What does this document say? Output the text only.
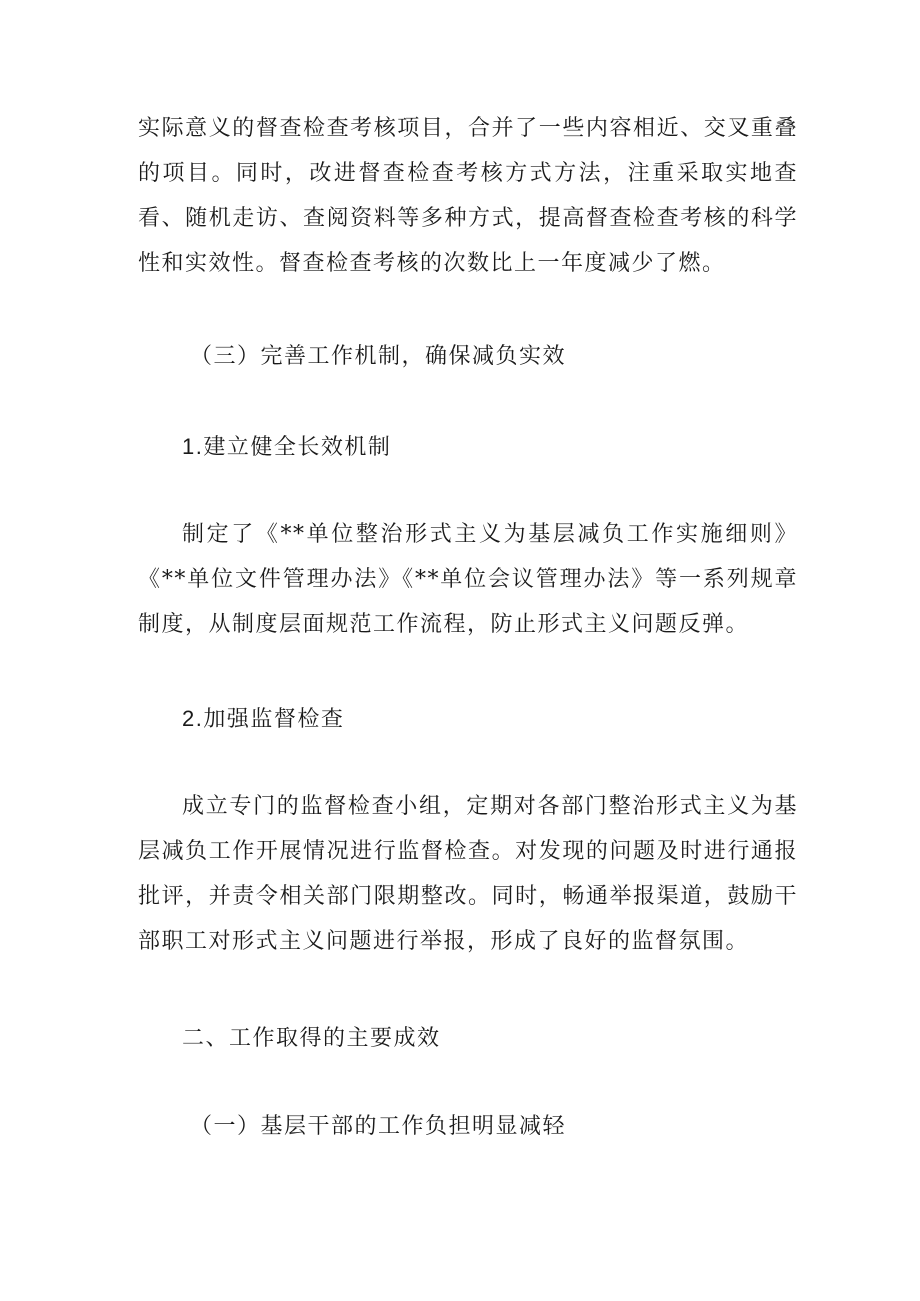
实际意义的督查检查考核项目，合并了一些内容相近、交叉重叠的项目。同时，改进督查检查考核方式方法，注重采取实地查看、随机走访、查阅资料等多种方式，提高督查检查考核的科学性和实效性。督查检查考核的次数比上一年度减少了燃。

（三）完善工作机制，确保减负实效

1.建立健全长效机制

制定了《**单位整治形式主义为基层减负工作实施细则》《**单位文件管理办法》《**单位会议管理办法》等一系列规章制度，从制度层面规范工作流程，防止形式主义问题反弹。

2.加强监督检查

成立专门的监督检查小组，定期对各部门整治形式主义为基层减负工作开展情况进行监督检查。对发现的问题及时进行通报批评，并责令相关部门限期整改。同时，畅通举报渠道，鼓励干部职工对形式主义问题进行举报，形成了良好的监督氛围。

二、工作取得的主要成效

（一）基层干部的工作负担明显减轻
